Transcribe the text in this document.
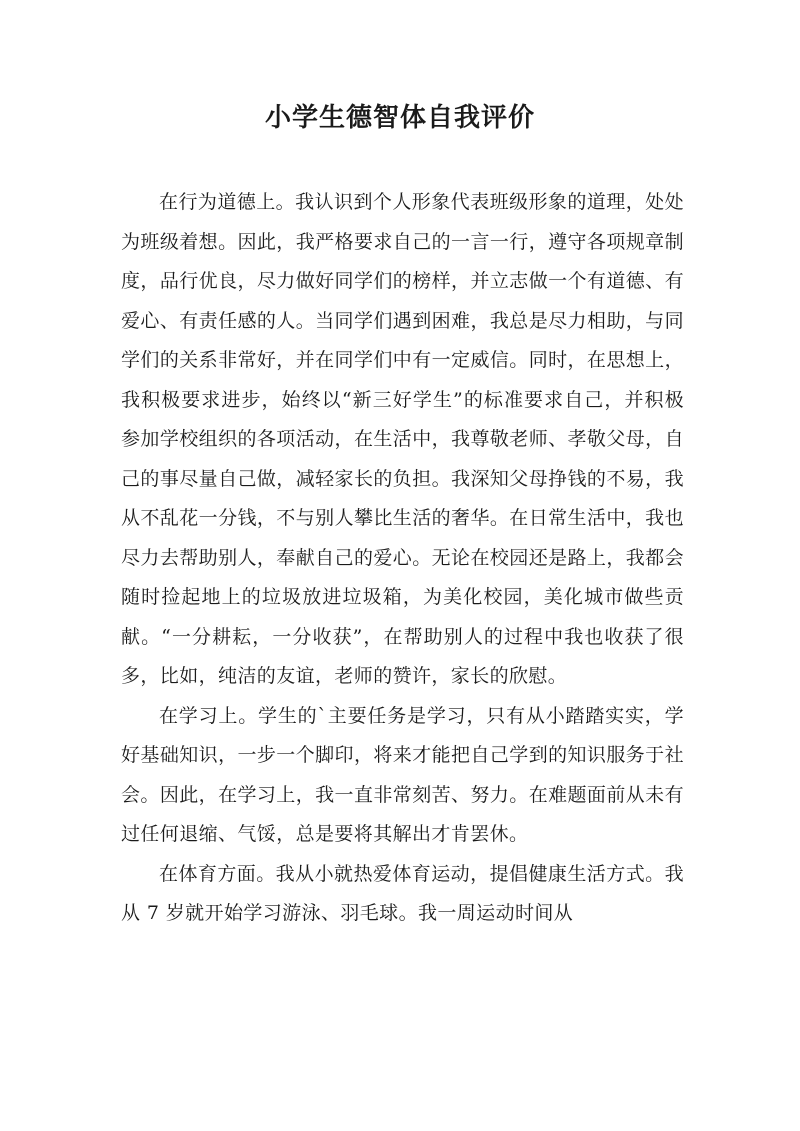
小学生德智体自我评价

在行为道德上。我认识到个人形象代表班级形象的道理，处处为班级着想。因此，我严格要求自己的一言一行，遵守各项规章制度，品行优良，尽力做好同学们的榜样，并立志做一个有道德、有爱心、有责任感的人。当同学们遇到困难，我总是尽力相助，与同学们的关系非常好，并在同学们中有一定威信。同时，在思想上，我积极要求进步，始终以“新三好学生”的标准要求自己，并积极参加学校组织的各项活动，在生活中，我尊敬老师、孝敬父母，自己的事尽量自己做，减轻家长的负担。我深知父母挣钱的不易，我从不乱花一分钱，不与别人攀比生活的奢华。在日常生活中，我也尽力去帮助别人，奉献自己的爱心。无论在校园还是路上，我都会随时捡起地上的垃圾放进垃圾箱，为美化校园，美化城市做些贡献。“一分耕耘，一分收获”，在帮助别人的过程中我也收获了很多，比如，纯洁的友谊，老师的赞许，家长的欣慰。

在学习上。学生的`主要任务是学习，只有从小踏踏实实，学好基础知识，一步一个脚印，将来才能把自己学到的知识服务于社会。因此，在学习上，我一直非常刻苦、努力。在难题面前从未有过任何退缩、气馁，总是要将其解出才肯罢休。

在体育方面。我从小就热爱体育运动，提倡健康生活方式。我从 7 岁就开始学习游泳、羽毛球。我一周运动时间从
